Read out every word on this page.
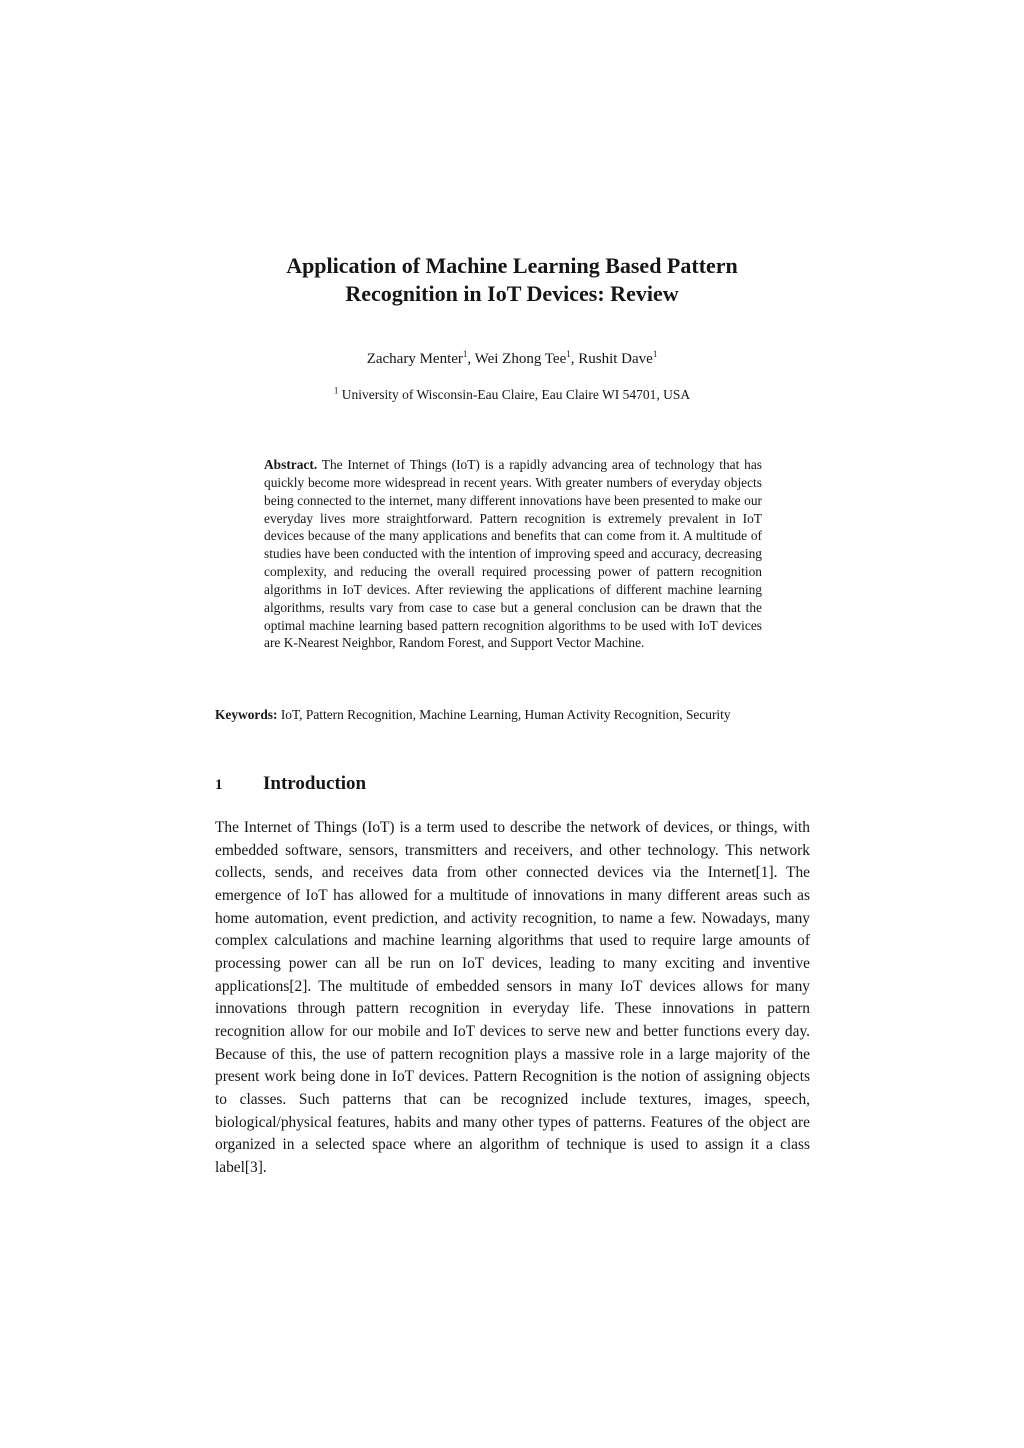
Application of Machine Learning Based Pattern
Recognition in IoT Devices: Review
Zachary Menter$^1$, Wei Zhong Tee$^1$, Rushit Dave$^1$
$^1$ University of Wisconsin-Eau Claire, Eau Claire WI 54701, USA

Abstract. The Internet of Things (IoT) is a rapidly advancing area of technology that has quickly become more widespread in recent years. With greater numbers of everyday objects being connected to the internet, many different innovations have been presented to make our everyday lives more straightforward. Pattern recognition is extremely prevalent in IoT devices because of the many applications and benefits that can come from it. A multitude of studies have been conducted with the intention of improving speed and accuracy, decreasing complexity, and reducing the overall required processing power of pattern recognition algorithms in IoT devices. After reviewing the applications of different machine learning algorithms, results vary from case to case but a general conclusion can be drawn that the optimal machine learning based pattern recognition algorithms to be used with IoT devices are K-Nearest Neighbor, Random Forest, and Support Vector Machine.

Keywords: IoT, Pattern Recognition, Machine Learning, Human Activity Recognition, Security
1 Introduction

The Internet of Things (IoT) is a term used to describe the network of devices, or things, with embedded software, sensors, transmitters and receivers, and other technology. This network collects, sends, and receives data from other connected devices via the Internet[1]. The emergence of IoT has allowed for a multitude of innovations in many different areas such as home automation, event prediction, and activity recognition, to name a few. Nowadays, many complex calculations and machine learning algorithms that used to require large amounts of processing power can all be run on IoT devices, leading to many exciting and inventive applications[2]. The multitude of embedded sensors in many IoT devices allows for many innovations through pattern recognition in everyday life. These innovations in pattern recognition allow for our mobile and IoT devices to serve new and better functions every day. Because of this, the use of pattern recognition plays a massive role in a large majority of the present work being done in IoT devices. Pattern Recognition is the notion of assigning objects to classes. Such patterns that can be recognized include textures, images, speech, biological/physical features, habits and many other types of patterns. Features of the object are organized in a selected space where an algorithm of technique is used to assign it a class label[3].
